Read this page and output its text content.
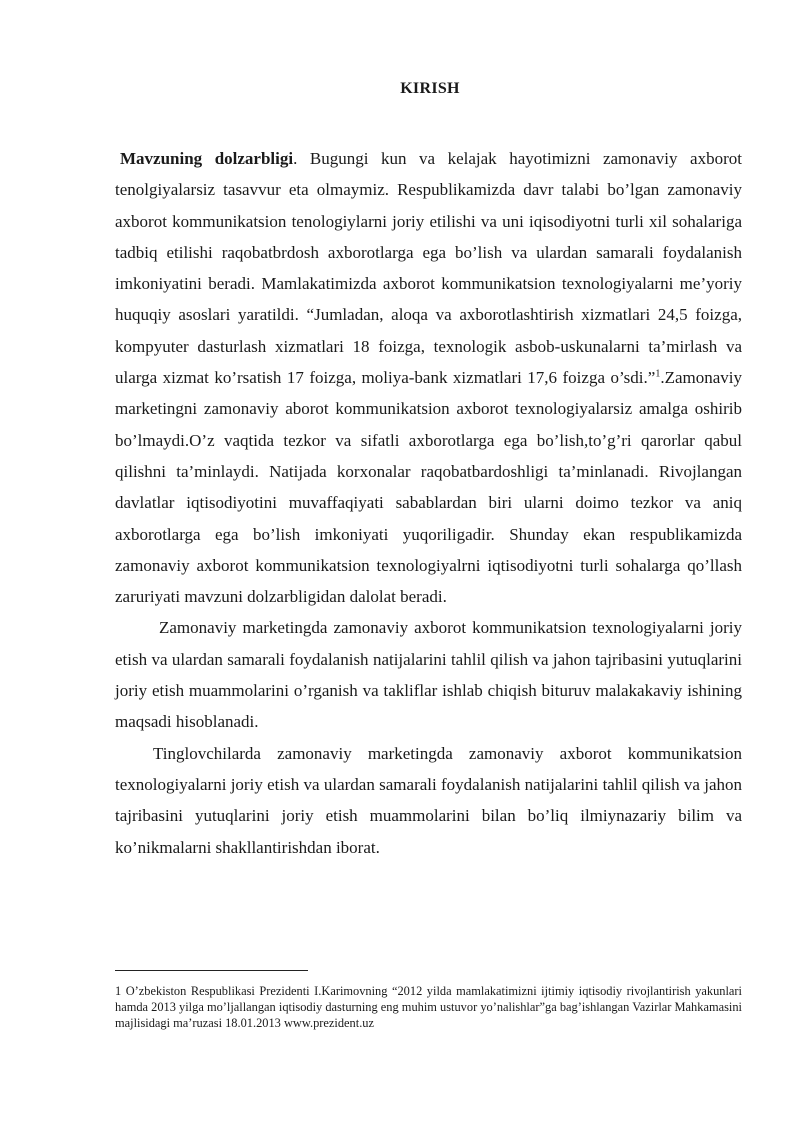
KIRISH

Mavzuning dolzarbligi. Bugungi kun va kelajak hayotimizni zamonaviy axborot tenolgiyalarsiz tasavvur eta olmaymiz. Respublikamizda davr talabi bo’lgan zamonaviy axborot kommunikatsion tenologiylarni joriy etilishi va uni iqisodiyotni turli xil sohalariga tadbiq etilishi raqobatbrdosh axborotlarga ega bo’lish va ulardan samarali foydalanish imkoniyatini beradi. Mamlakatimizda axborot kommunikatsion texnologiyalarni me’yoriy huquqiy asoslari yaratildi. “Jumladan, aloqa va axborotlashtirish xizmatlari 24,5 foizga, kompyuter dasturlash xizmatlari 18 foizga, texnologik asbob-uskunalarni ta’mirlash va ularga xizmat ko’rsatish 17 foizga, moliya-bank xizmatlari 17,6 foizga o’sdi.”$^1$.Zamonaviy marketingni zamonaviy aborot kommunikatsion axborot texnologiyalarsiz amalga oshirib bo’lmaydi.O’z vaqtida tezkor va sifatli axborotlarga ega bo’lish,to’g’ri qarorlar qabul qilishni ta’minlaydi. Natijada korxonalar raqobatbardoshligi ta’minlanadi. Rivojlangan davlatlar iqtisodiyotini muvaffaqiyati sabablardan biri ularni doimo tezkor va aniq axborotlarga ega bo’lish imkoniyati yuqoriligadir. Shunday ekan respublikamizda zamonaviy axborot kommunikatsion texnologiyalrni iqtisodiyotni turli sohalarga qo’llash zaruriyati mavzuni dolzarbligidan dalolat beradi.

Zamonaviy marketingda zamonaviy axborot kommunikatsion texnologiyalarni joriy etish va ulardan samarali foydalanish natijalarini tahlil qilish va jahon tajribasini yutuqlarini joriy etish muammolarini o’rganish va takliflar ishlab chiqish bituruv malakakaviy ishining maqsadi hisoblanadi.

Tinglovchilarda zamonaviy marketingda zamonaviy axborot kommunikatsion texnologiyalarni joriy etish va ulardan samarali foydalanish natijalarini tahlil qilish va jahon tajribasini yutuqlarini joriy etish muammolarini bilan bo’liq ilmiynazariy bilim va ko’nikmalarni shakllantirishdan iborat.

1 O’zbekiston Respublikasi Prezidenti I.Karimovning “2012 yilda mamlakatimizni ijtimiy iqtisodiy rivojlantirish yakunlari hamda 2013 yilga mo’ljallangan iqtisodiy dasturning eng muhim ustuvor yo’nalishlar”ga bag’ishlangan Vazirlar Mahkamasini majlisidagi ma’ruzasi 18.01.2013 www.prezident.uz
